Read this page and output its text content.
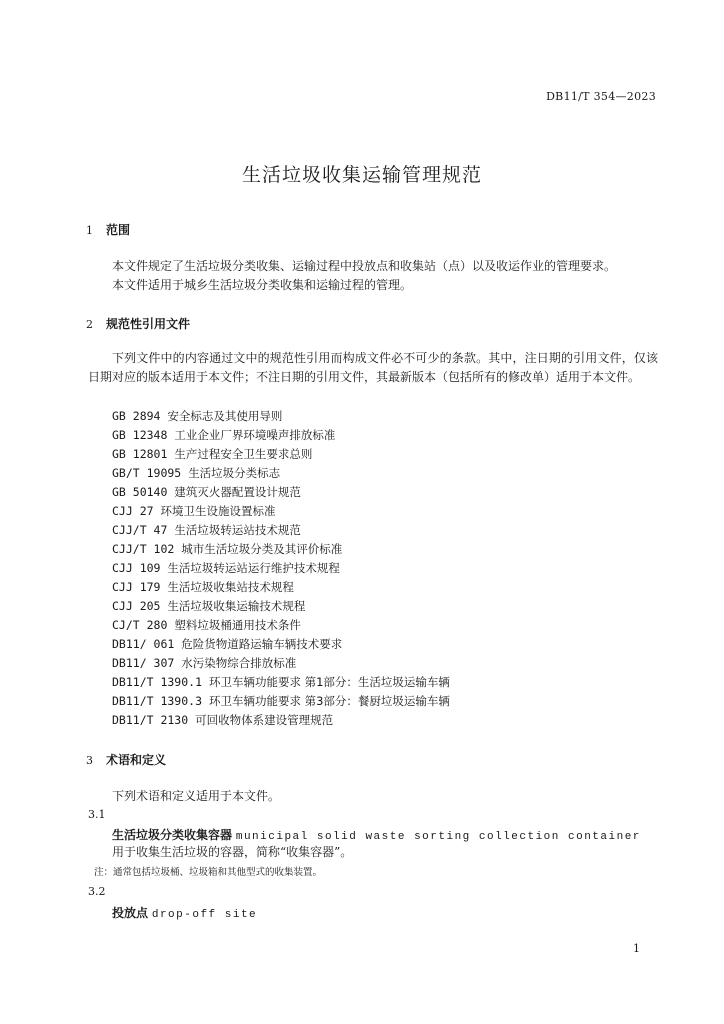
DB11/T 354—2023
生活垃圾收集运输管理规范
1 范围
本文件规定了生活垃圾分类收集、运输过程中投放点和收集站（点）以及收运作业的管理要求。
本文件适用于城乡生活垃圾分类收集和运输过程的管理。
2 规范性引用文件
下列文件中的内容通过文中的规范性引用而构成文件必不可少的条款。其中，注日期的引用文件，仅该日期对应的版本适用于本文件；不注日期的引用文件，其最新版本（包括所有的修改单）适用于本文件。
GB 2894 安全标志及其使用导则
GB 12348 工业企业厂界环境噪声排放标准
GB 12801 生产过程安全卫生要求总则
GB/T 19095 生活垃圾分类标志
GB 50140 建筑灭火器配置设计规范
CJJ 27 环境卫生设施设置标准
CJJ/T 47 生活垃圾转运站技术规范
CJJ/T 102 城市生活垃圾分类及其评价标准
CJJ 109 生活垃圾转运站运行维护技术规程
CJJ 179 生活垃圾收集站技术规程
CJJ 205 生活垃圾收集运输技术规程
CJ/T 280 塑料垃圾桶通用技术条件
DB11/ 061 危险货物道路运输车辆技术要求
DB11/ 307 水污染物综合排放标准
DB11/T 1390.1 环卫车辆功能要求 第1部分：生活垃圾运输车辆
DB11/T 1390.3 环卫车辆功能要求 第3部分：餐厨垃圾运输车辆
DB11/T 2130 可回收物体系建设管理规范
3 术语和定义
下列术语和定义适用于本文件。
3.1
生活垃圾分类收集容器 municipal solid waste sorting collection container
用于收集生活垃圾的容器，简称“收集容器”。
注：通常包括垃圾桶、垃圾箱和其他型式的收集装置。
3.2
投放点 drop-off site
1
